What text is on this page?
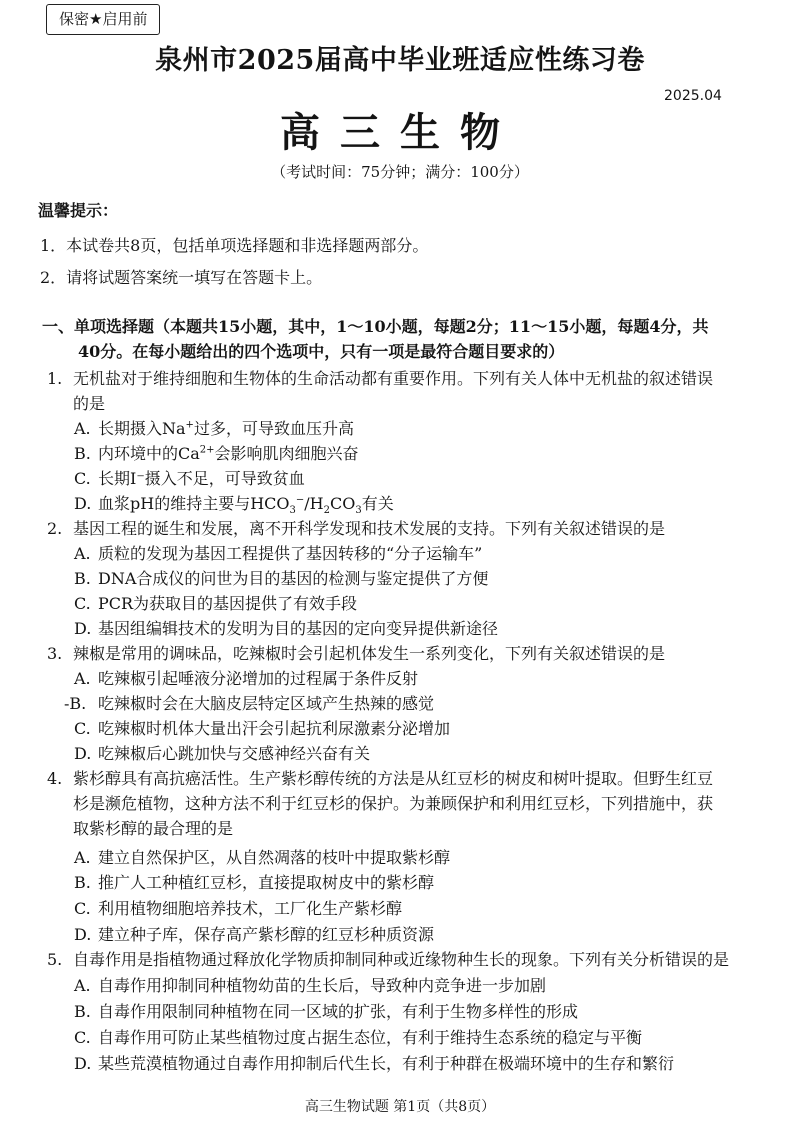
保密★启用前
泉州市2025届高中毕业班适应性练习卷
2025.04
高三生物
（考试时间：75分钟；满分：100分）
温馨提示：
1．本试卷共8页，包括单项选择题和非选择题两部分。
2．请将试题答案统一填写在答题卡上。
一、单项选择题（本题共15小题，其中，1～10小题，每题2分；11～15小题，每题4分，共
40分。在每小题给出的四个选项中，只有一项是最符合题目要求的）
1. 无机盐对于维持细胞和生物体的生命活动都有重要作用。下列有关人体中无机盐的叙述错误
的是
A. 长期摄入Na+过多，可导致血压升高
B. 内环境中的$Ca^{2+}$会影响肌肉细胞兴奋
C. 长期I⁻摄入不足，可导致贫血
D. 血浆pH的维持主要与$HCO_3^-/H_2CO_3$有关
2. 基因工程的诞生和发展，离不开科学发现和技术发展的支持。下列有关叙述错误的是
A. 质粒的发现为基因工程提供了基因转移的“分子运输车”
B. DNA合成仪的问世为目的基因的检测与鉴定提供了方便
C. PCR为获取目的基因提供了有效手段
D. 基因组编辑技术的发明为目的基因的定向变异提供新途径
3. 辣椒是常用的调味品，吃辣椒时会引起机体发生一系列变化，下列有关叙述错误的是
A. 吃辣椒引起唾液分泌增加的过程属于条件反射
-B. 吃辣椒时会在大脑皮层特定区域产生热辣的感觉
C. 吃辣椒时机体大量出汗会引起抗利尿激素分泌增加
D. 吃辣椒后心跳加快与交感神经兴奋有关
4. 紫杉醇具有高抗癌活性。生产紫杉醇传统的方法是从红豆杉的树皮和树叶提取。但野生红豆
杉是濒危植物，这种方法不利于红豆杉的保护。为兼顾保护和利用红豆杉，下列措施中，获
取紫杉醇的最合理的是
A. 建立自然保护区，从自然凋落的枝叶中提取紫杉醇
B. 推广人工种植红豆杉，直接提取树皮中的紫杉醇
C. 利用植物细胞培养技术，工厂化生产紫杉醇
D. 建立种子库，保存高产紫杉醇的红豆杉种质资源
5. 自毒作用是指植物通过释放化学物质抑制同种或近缘物种生长的现象。下列有关分析错误的是
A. 自毒作用抑制同种植物幼苗的生长后，导致种内竞争进一步加剧
B. 自毒作用限制同种植物在同一区域的扩张，有利于生物多样性的形成
C. 自毒作用可防止某些植物过度占据生态位，有利于维持生态系统的稳定与平衡
D. 某些荒漠植物通过自毒作用抑制后代生长，有利于种群在极端环境中的生存和繁衍
高三生物试题 第1页（共8页）
